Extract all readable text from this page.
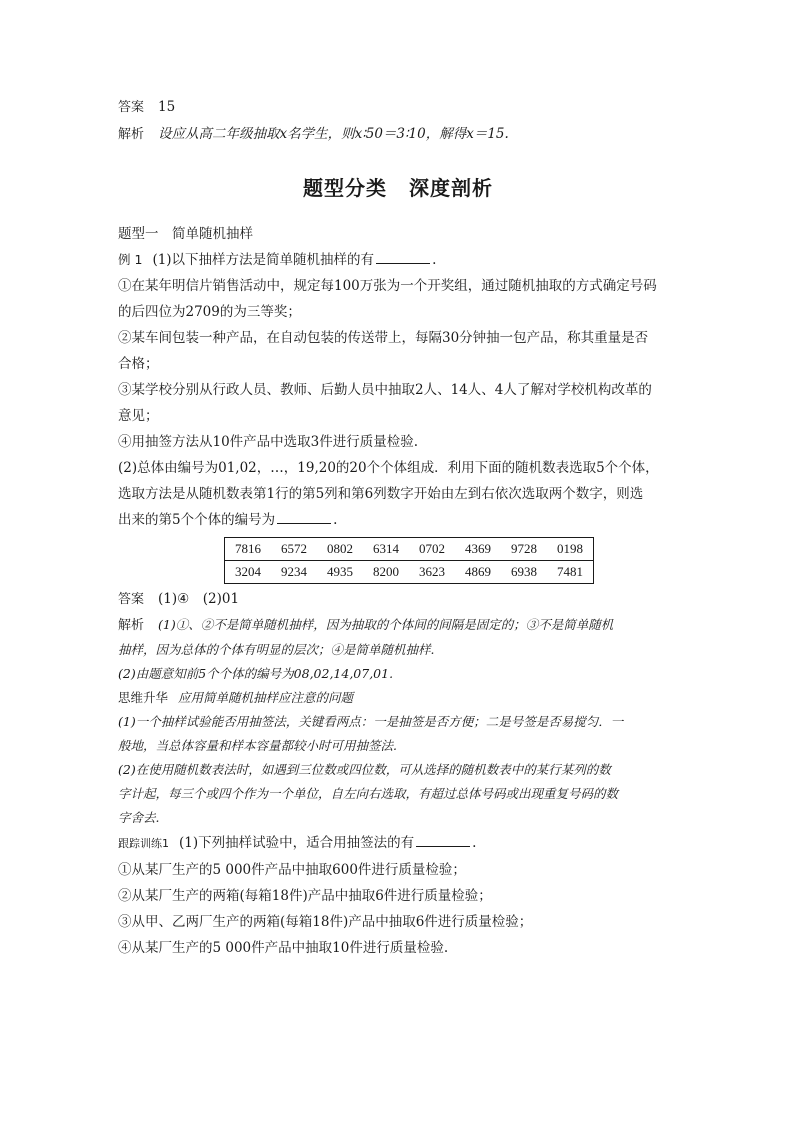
答案 15
解析 设应从高二年级抽取x名学生，则x∶50＝3∶10，解得x＝15.
题型分类 深度剖析
题型一　简单随机抽样
例 1 (1)以下抽样方法是简单随机抽样的有	.
①在某年明信片销售活动中，规定每100万张为一个开奖组，通过随机抽取的方式确定号码
的后四位为2709的为三等奖；
②某车间包装一种产品，在自动包装的传送带上，每隔30分钟抽一包产品，称其重量是否
合格；
③某学校分别从行政人员、教师、后勤人员中抽取2人、14人、4人了解对学校机构改革的
意见；
④用抽签方法从10件产品中选取3件进行质量检验.
(2)总体由编号为01,02，…，19,20的20个个体组成．利用下面的随机数表选取5个个体，
选取方法是从随机数表第1行的第5列和第6列数字开始由左到右依次选取两个数字，则选
出来的第5个个体的编号为	.
7816	6572	0802	6314	0702	4369	9728	0198
3204	9234	4935	8200	3623	4869	6938	7481
答案 (1)④　(2)01
解析 (1)①、②不是简单随机抽样，因为抽取的个体间的间隔是固定的；③不是简单随机
抽样，因为总体的个体有明显的层次；④是简单随机抽样.
(2)由题意知前5个个体的编号为08,02,14,07,01.
思维升华 应用简单随机抽样应注意的问题
(1)一个抽样试验能否用抽签法，关键看两点：一是抽签是否方便；二是号签是否易搅匀．一
般地，当总体容量和样本容量都较小时可用抽签法.
(2)在使用随机数表法时，如遇到三位数或四位数，可从选择的随机数表中的某行某列的数
字计起，每三个或四个作为一个单位，自左向右选取，有超过总体号码或出现重复号码的数
字舍去.
跟踪训练1 (1)下列抽样试验中，适合用抽签法的有	.
①从某厂生产的5 000件产品中抽取600件进行质量检验；
②从某厂生产的两箱(每箱18件)产品中抽取6件进行质量检验；
③从甲、乙两厂生产的两箱(每箱18件)产品中抽取6件进行质量检验；
④从某厂生产的5 000件产品中抽取10件进行质量检验.
